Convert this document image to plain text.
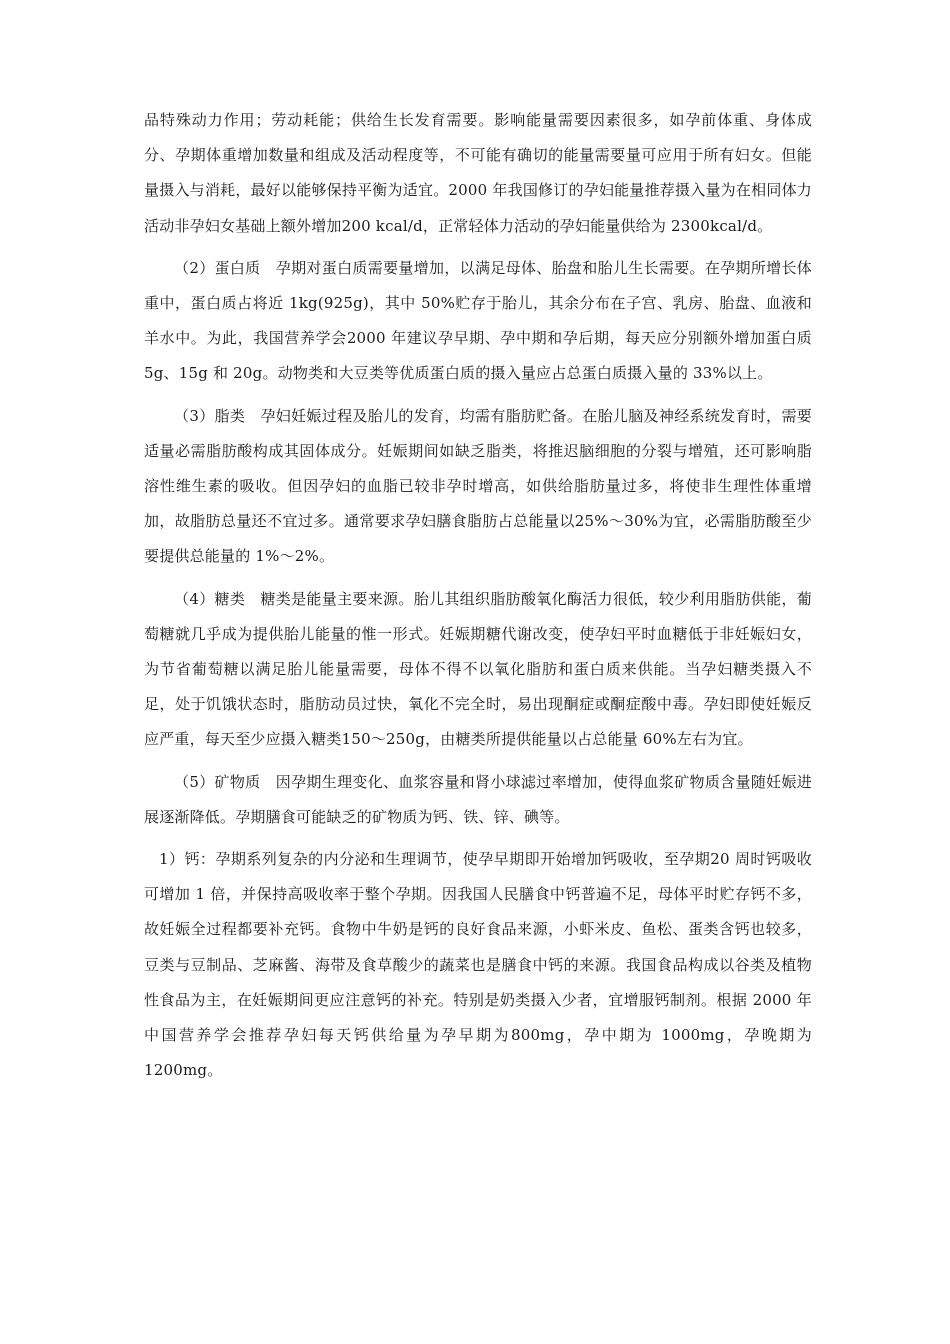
品特殊动力作用；劳动耗能；供给生长发育需要。影响能量需要因素很多，如孕前体重、身体成分、孕期体重增加数量和组成及活动程度等，不可能有确切的能量需要量可应用于所有妇女。但能量摄入与消耗，最好以能够保持平衡为适宜。2000 年我国修订的孕妇能量推荐摄入量为在相同体力活动非孕妇女基础上额外增加200 kcal/d，正常轻体力活动的孕妇能量供给为 2300kcal/d。

（2）蛋白质 孕期对蛋白质需要量增加，以满足母体、胎盘和胎儿生长需要。在孕期所增长体重中，蛋白质占将近 1kg(925g)，其中 50%贮存于胎儿，其余分布在子宫、乳房、胎盘、血液和羊水中。为此，我国营养学会2000 年建议孕早期、孕中期和孕后期，每天应分别额外增加蛋白质 5g、15g 和 20g。动物类和大豆类等优质蛋白质的摄入量应占总蛋白质摄入量的 33%以上。

（3）脂类 孕妇妊娠过程及胎儿的发育，均需有脂肪贮备。在胎儿脑及神经系统发育时，需要适量必需脂肪酸构成其固体成分。妊娠期间如缺乏脂类，将推迟脑细胞的分裂与增殖，还可影响脂溶性维生素的吸收。但因孕妇的血脂已较非孕时增高，如供给脂肪量过多，将使非生理性体重增加，故脂肪总量还不宜过多。通常要求孕妇膳食脂肪占总能量以25%～30%为宜，必需脂肪酸至少要提供总能量的 1%～2%。

（4）糖类 糖类是能量主要来源。胎儿其组织脂肪酸氧化酶活力很低，较少利用脂肪供能，葡萄糖就几乎成为提供胎儿能量的惟一形式。妊娠期糖代谢改变，使孕妇平时血糖低于非妊娠妇女，为节省葡萄糖以满足胎儿能量需要，母体不得不以氧化脂肪和蛋白质来供能。当孕妇糖类摄入不足，处于饥饿状态时，脂肪动员过快，氧化不完全时，易出现酮症或酮症酸中毒。孕妇即使妊娠反应严重，每天至少应摄入糖类150～250g，由糖类所提供能量以占总能量 60%左右为宜。

（5）矿物质 因孕期生理变化、血浆容量和肾小球滤过率增加，使得血浆矿物质含量随妊娠进展逐渐降低。孕期膳食可能缺乏的矿物质为钙、铁、锌、碘等。

1）钙：孕期系列复杂的内分泌和生理调节，使孕早期即开始增加钙吸收，至孕期20 周时钙吸收可增加 1 倍，并保持高吸收率于整个孕期。因我国人民膳食中钙普遍不足，母体平时贮存钙不多，故妊娠全过程都要补充钙。食物中牛奶是钙的良好食品来源，小虾米皮、鱼松、蛋类含钙也较多，豆类与豆制品、芝麻酱、海带及食草酸少的蔬菜也是膳食中钙的来源。我国食品构成以谷类及植物性食品为主，在妊娠期间更应注意钙的补充。特别是奶类摄入少者，宜增服钙制剂。根据 2000 年中国营养学会推荐孕妇每天钙供给量为孕早期为800mg，孕中期为 1000mg，孕晚期为 1200mg。
